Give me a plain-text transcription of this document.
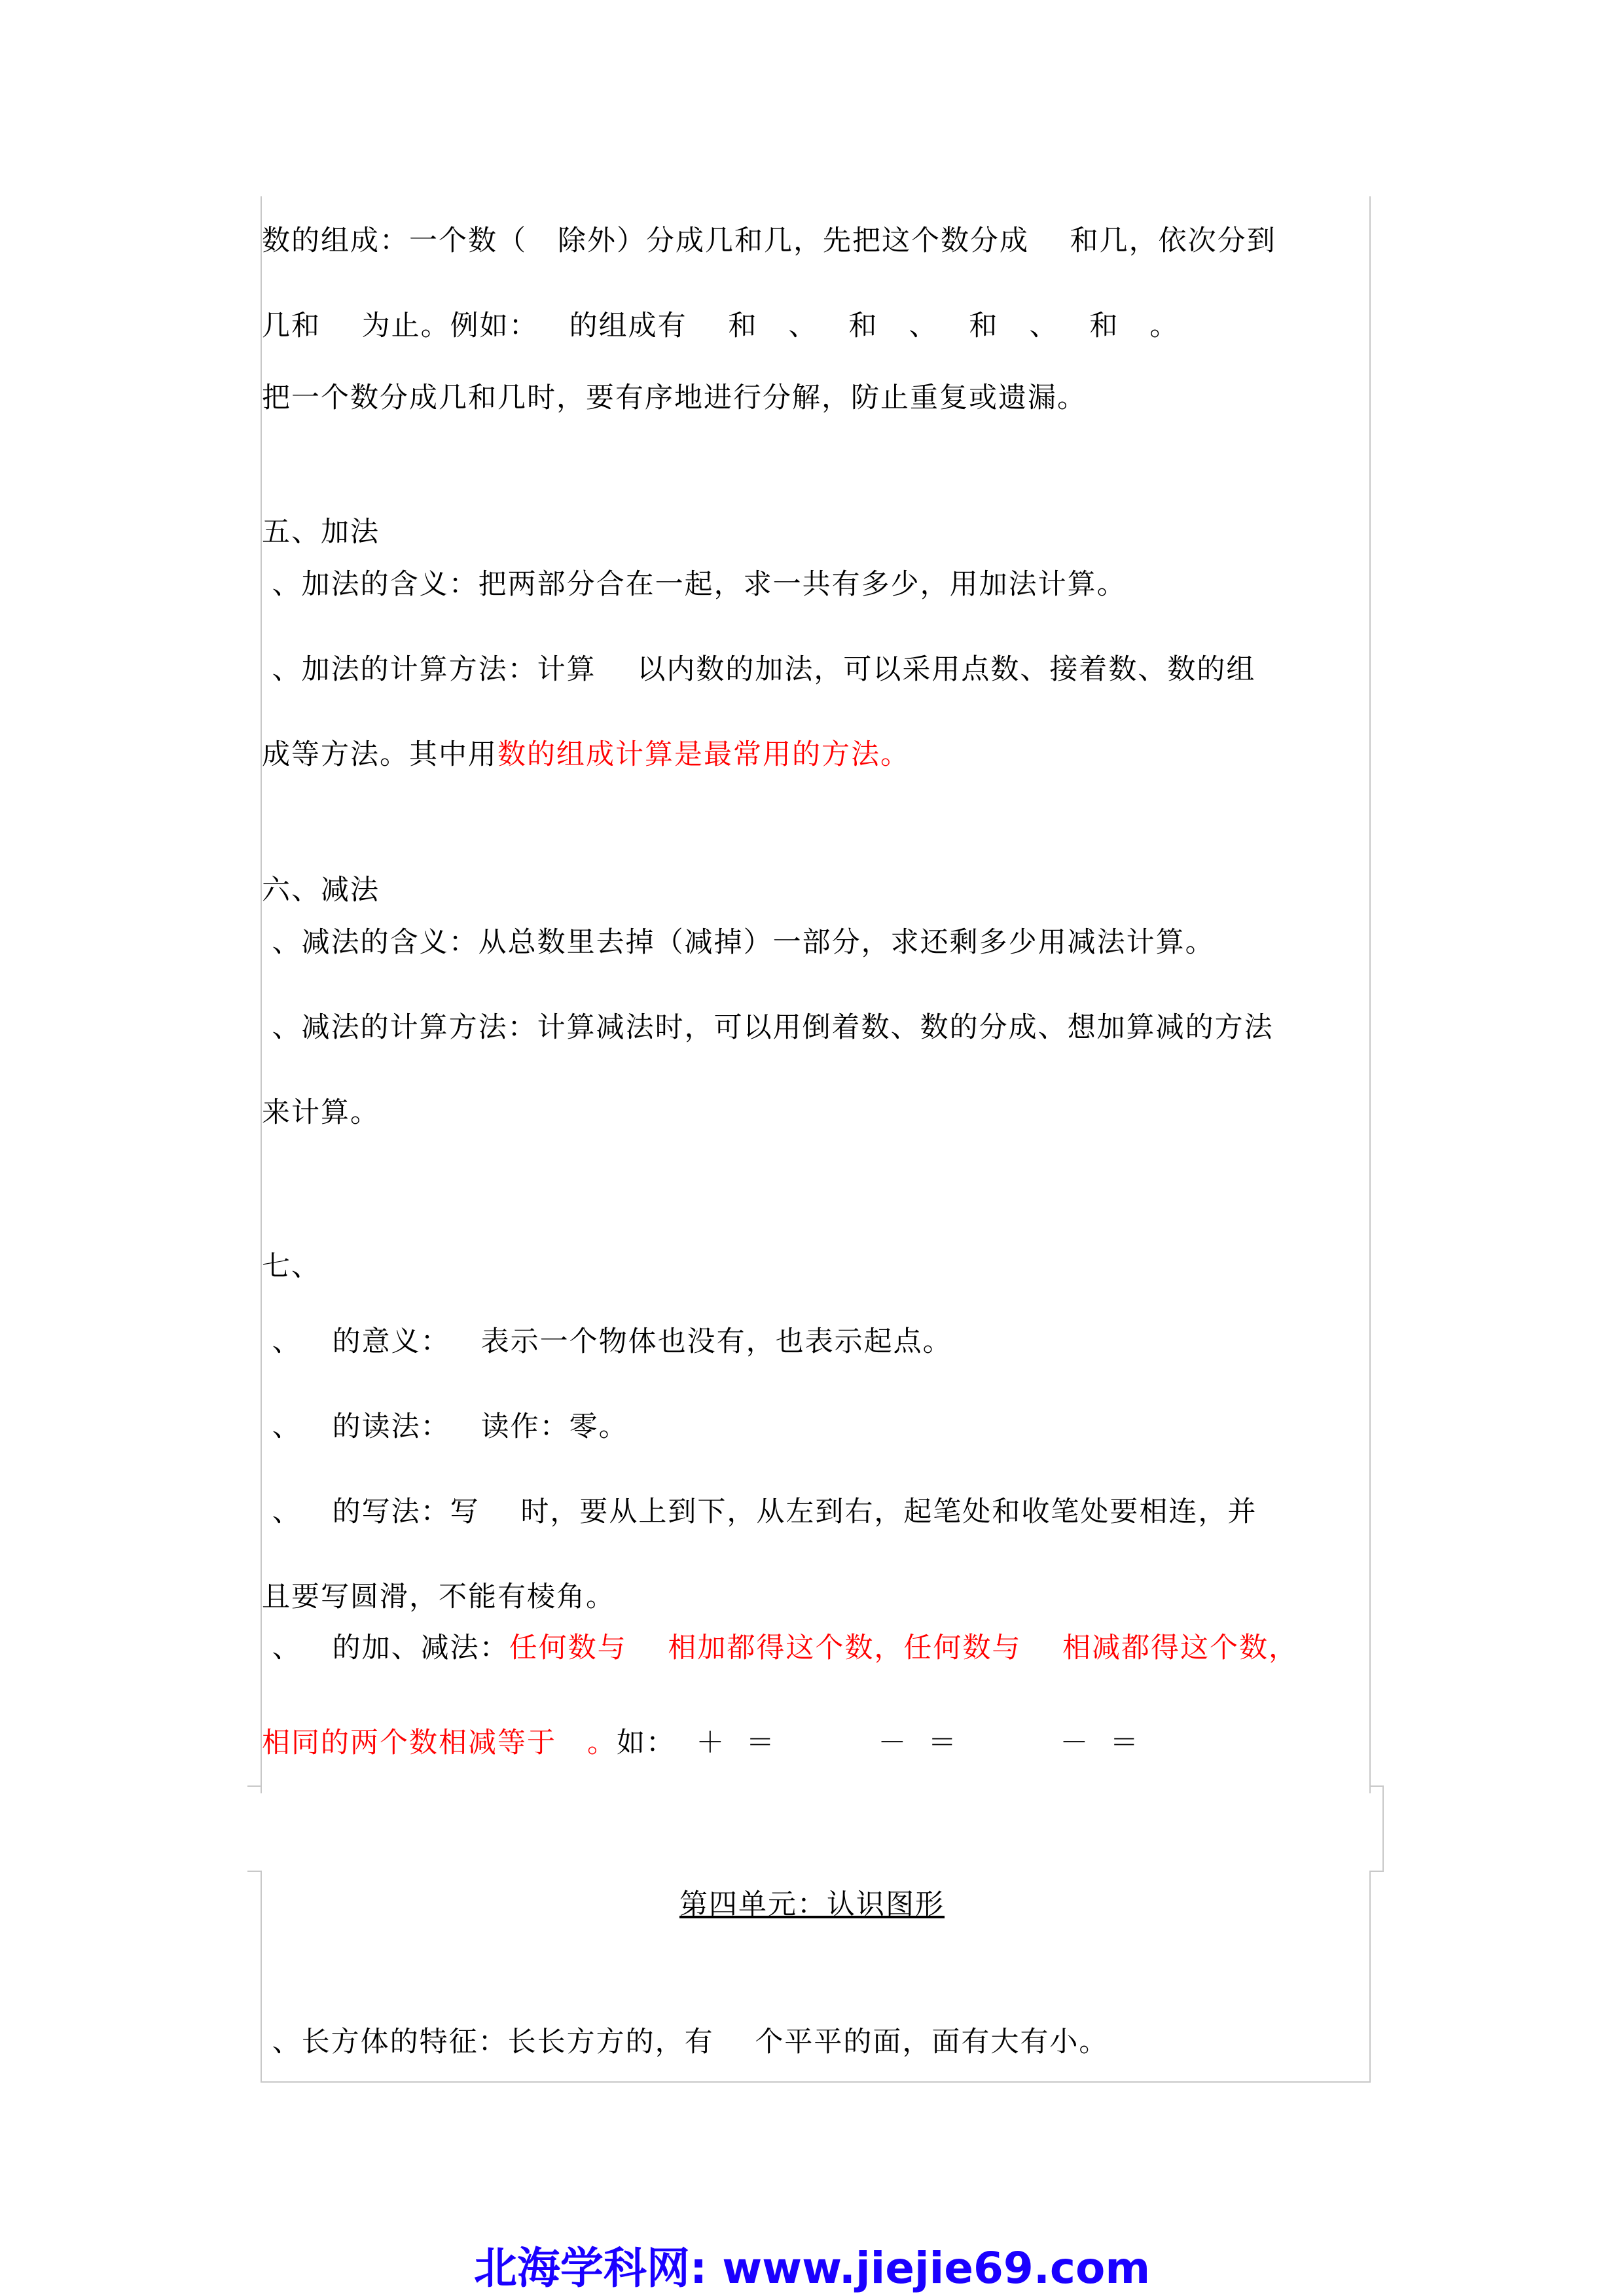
数的组成：一个数（   除外）分成几和几，先把这个数分成    和几，依次分到
几和    为止。例如：   的组成有    和   、   和   、   和   、   和   。
把一个数分成几和几时，要有序地进行分解，防止重复或遗漏。
五、加法
、加法的含义：把两部分合在一起，求一共有多少，用加法计算。
、加法的计算方法：计算    以内数的加法，可以采用点数、接着数、数的组
成等方法。其中用数的组成计算是最常用的方法。
六、减法
、减法的含义：从总数里去掉（减掉）一部分，求还剩多少用减法计算。
、减法的计算方法：计算减法时，可以用倒着数、数的分成、想加算减的方法
来计算。
七、
、   的意义：   表示一个物体也没有，也表示起点。
、   的读法：   读作：零。
、   的写法：写    时，要从上到下，从左到右，起笔处和收笔处要相连，并
且要写圆滑，不能有棱角。
、   的加、减法：任何数与    相加都得这个数，任何数与    相减都得这个数，
相同的两个数相减等于   。如：  ＋  ＝          －  ＝          －  ＝
第四单元：认识图形
、长方体的特征：长长方方的，有    个平平的面，面有大有小。
北海学科网: www.jiejie69.com
